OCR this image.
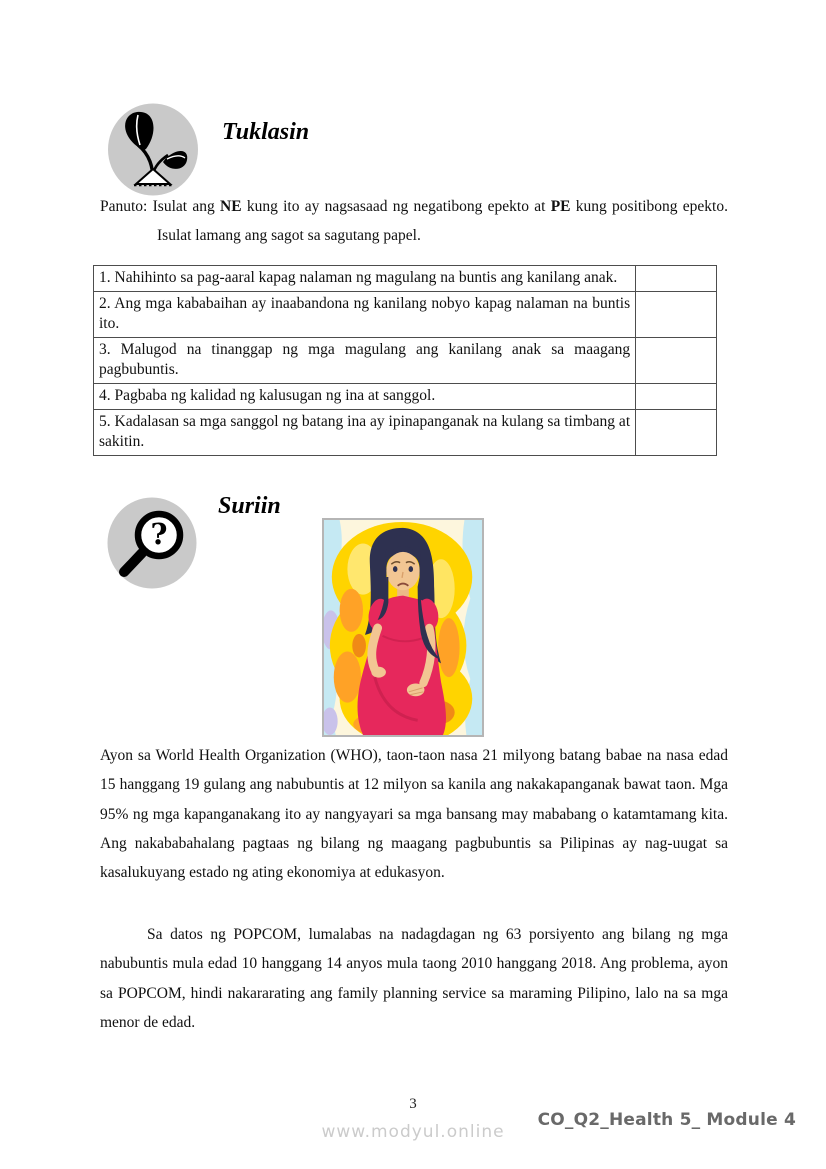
Tuklasin

Panuto: Isulat ang NE kung ito ay nagsasaad ng negatibong epekto at PE kung positibong epekto. Isulat lamang ang sagot sa sagutang papel.

1. Nahihinto sa pag-aaral kapag nalaman ng magulang na buntis ang kanilang anak.	
2. Ang mga kababaihan ay inaabandona ng kanilang nobyo kapag nalaman na buntis ito.	
3. Malugod na tinanggap ng mga magulang ang kanilang anak sa maagang pagbubuntis.	
4. Pagbaba ng kalidad ng kalusugan ng ina at sanggol.	
5. Kadalasan sa mga sanggol ng batang ina ay ipinapanganak na kulang sa timbang at sakitin.	
?
Suriin

Ayon sa World Health Organization (WHO), taon-taon nasa 21 milyong batang babae na nasa edad 15 hanggang 19 gulang ang nabubuntis at 12 milyon sa kanila ang nakakapanganak bawat taon. Mga 95% ng mga kapanganakang ito ay nangyayari sa mga bansang may mababang o katamtamang kita. Ang nakababahalang pagtaas ng bilang ng maagang pagbubuntis sa Pilipinas ay nag-uugat sa kasalukuyang estado ng ating ekonomiya at edukasyon.

Sa datos ng POPCOM, lumalabas na nadagdagan ng 63 porsiyento ang bilang ng mga nabubuntis mula edad 10 hanggang 14 anyos mula taong 2010 hanggang 2018. Ang problema, ayon sa POPCOM, hindi nakararating ang family planning service sa maraming Pilipino, lalo na sa mga menor de edad.

3
www.modyul.online
CO_Q2_Health 5_ Module 4
